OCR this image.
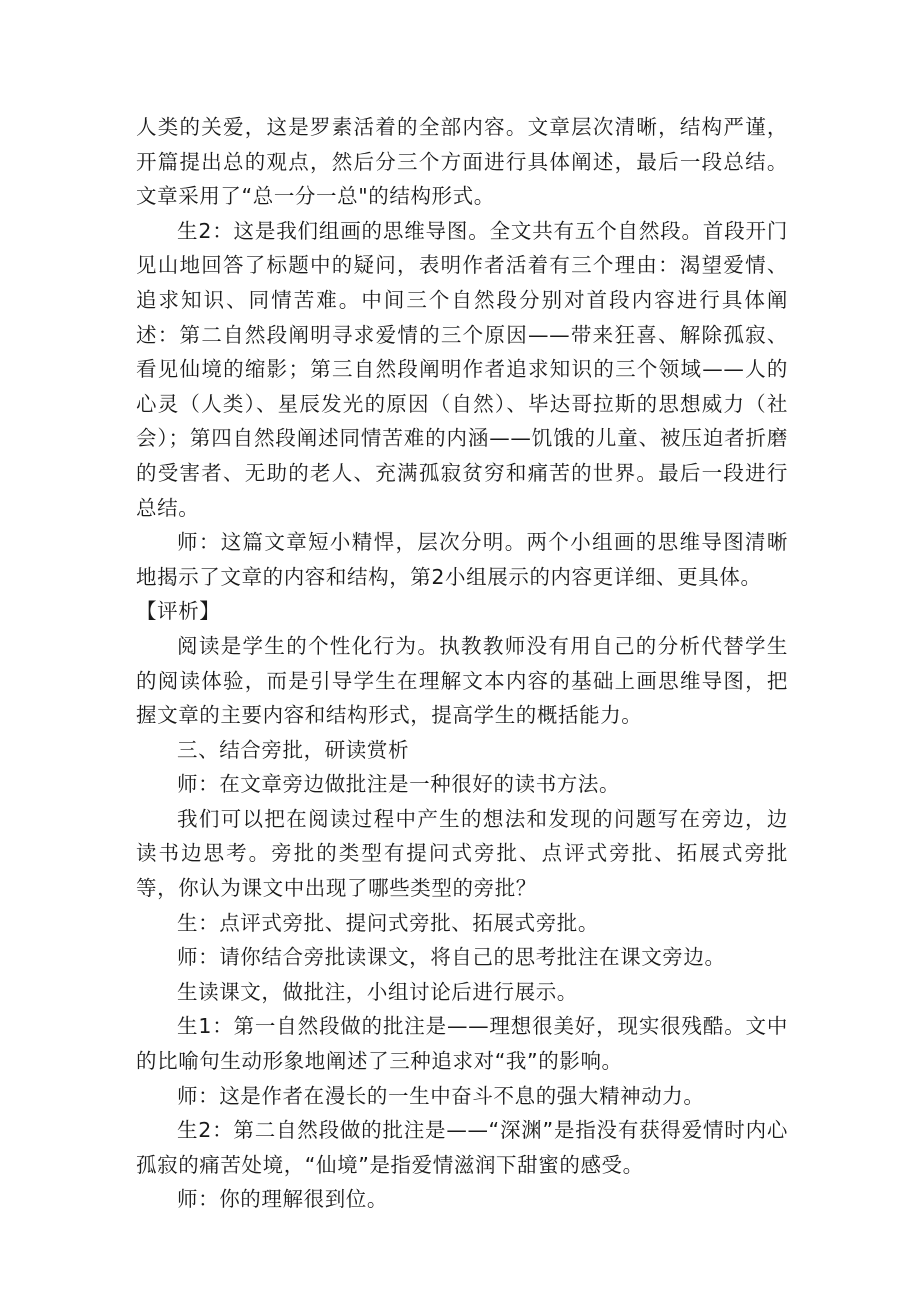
人类的关爱，这是罗素活着的全部内容。文章层次清晰，结构严谨，开篇提出总的观点，然后分三个方面进行具体阐述，最后一段总结。文章采用了“总一分一总"的结构形式。

生2：这是我们组画的思维导图。全文共有五个自然段。首段开门见山地回答了标题中的疑问，表明作者活着有三个理由：渴望爱情、追求知识、同情苦难。中间三个自然段分别对首段内容进行具体阐述：第二自然段阐明寻求爱情的三个原因——带来狂喜、解除孤寂、看见仙境的缩影；第三自然段阐明作者追求知识的三个领域——人的心灵（人类）、星辰发光的原因（自然）、毕达哥拉斯的思想威力（社会）；第四自然段阐述同情苦难的内涵——饥饿的儿童、被压迫者折磨的受害者、无助的老人、充满孤寂贫穷和痛苦的世界。最后一段进行总结。

师：这篇文章短小精悍，层次分明。两个小组画的思维导图清晰地揭示了文章的内容和结构，第2小组展示的内容更详细、更具体。

【评析】

阅读是学生的个性化行为。执教教师没有用自己的分析代替学生的阅读体验，而是引导学生在理解文本内容的基础上画思维导图，把握文章的主要内容和结构形式，提高学生的概括能力。

三、结合旁批，研读赏析

师：在文章旁边做批注是一种很好的读书方法。

我们可以把在阅读过程中产生的想法和发现的问题写在旁边，边读书边思考。旁批的类型有提问式旁批、点评式旁批、拓展式旁批等，你认为课文中出现了哪些类型的旁批？

生：点评式旁批、提问式旁批、拓展式旁批。

师：请你结合旁批读课文，将自己的思考批注在课文旁边。

生读课文，做批注，小组讨论后进行展示。

生1：第一自然段做的批注是——理想很美好，现实很残酷。文中的比喻句生动形象地阐述了三种追求对“我”的影响。

师：这是作者在漫长的一生中奋斗不息的强大精神动力。

生2：第二自然段做的批注是——“深渊”是指没有获得爱情时内心孤寂的痛苦处境，“仙境”是指爱情滋润下甜蜜的感受。

师：你的理解很到位。
